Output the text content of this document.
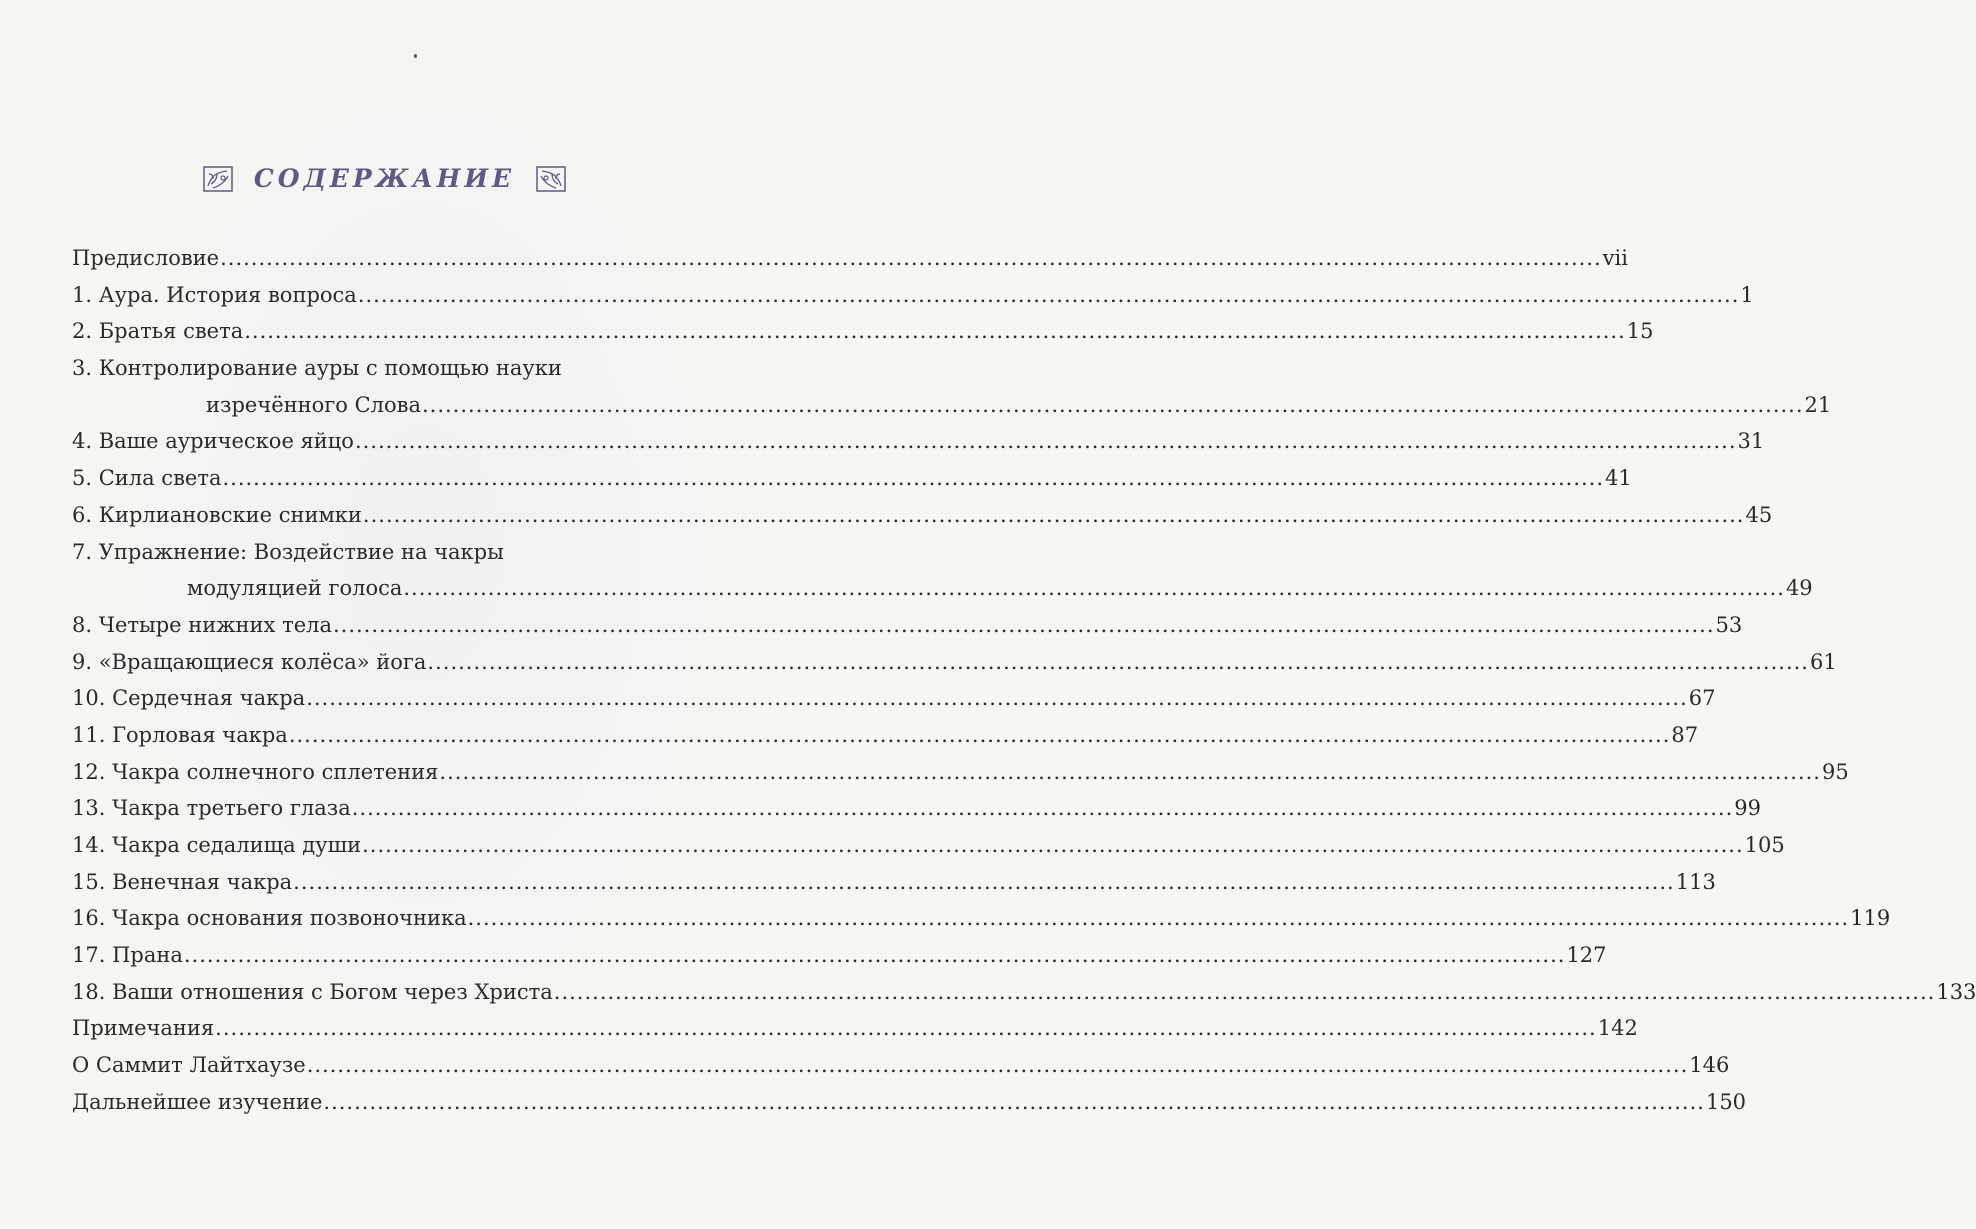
СОДЕРЖАНИЕ
Предисловие .....	vii
1. Аура. История вопроса .....	1
2. Братья света .....	15
3. Контролирование ауры с помощью науки
изречённого Слова .....	21
4. Ваше аурическое яйцо .....	31
5. Сила света .....	41
6. Кирлиановские снимки .....	45
7. Упражнение: Воздействие на чакры
модуляцией голоса .....	49
8. Четыре нижних тела .....	53
9. «Вращающиеся колёса» йога .....	61
10. Сердечная чакра .....	67
11. Горловая чакра .....	87
12. Чакра солнечного сплетения .....	95
13. Чакра третьего глаза .....	99
14. Чакра седалища души .....	105
15. Венечная чакра .....	113
16. Чакра основания позвоночника .....	119
17. Прана .....	127
18. Ваши отношения с Богом через Христа .....	133
Примечания .....	142
О Саммит Лайтхаузе .....	146
Дальнейшее изучение .....	150
